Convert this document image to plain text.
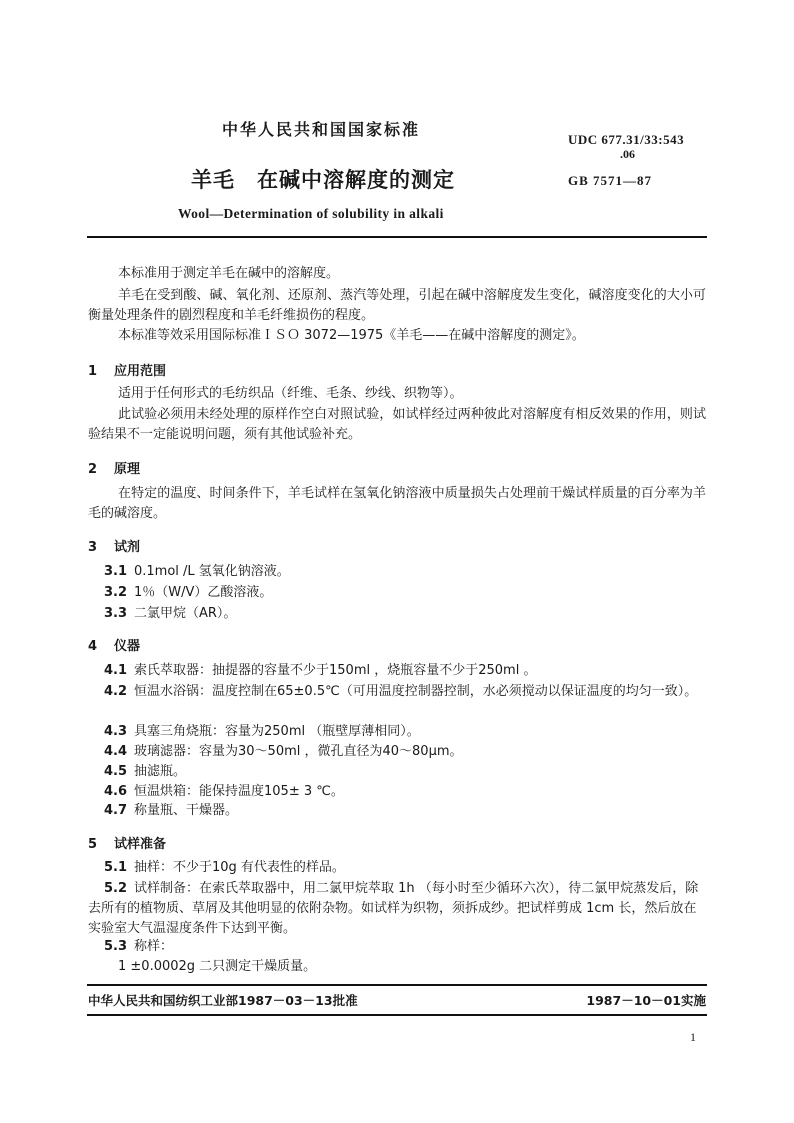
中华人民共和国国家标准
UDC 677.31/33:543
.06
羊毛　在碱中溶解度的测定	GB 7571—87
Wool—Determination of solubility in alkali
本标准用于测定羊毛在碱中的溶解度。
羊毛在受到酸、碱、氧化剂、还原剂、蒸汽等处理，引起在碱中溶解度发生变化，碱溶度变化的大小可衡量处理条件的剧烈程度和羊毛纤维损伤的程度。
本标准等效采用国际标准ＩＳＯ 3072—1975《羊毛——在碱中溶解度的测定》。
1 应用范围
适用于任何形式的毛纺织品（纤维、毛条、纱线、织物等）。
此试验必须用未经处理的原样作空白对照试验，如试样经过两种彼此对溶解度有相反效果的作用，则试验结果不一定能说明问题，须有其他试验补充。
2 原理
在特定的温度、时间条件下，羊毛试样在氢氧化钠溶液中质量损失占处理前干燥试样质量的百分率为羊毛的碱溶度。
3 试剂
3.1 0.1mol /L 氢氧化钠溶液。
3.2 1％（W/V）乙酸溶液。
3.3 二氯甲烷（AR）。
4 仪器
4.1 索氏萃取器：抽提器的容量不少于150ml ，烧瓶容量不少于250ml 。
4.2 恒温水浴锅：温度控制在65±0.5℃（可用温度控制器控制，水必须搅动以保证温度的均匀一致）。
4.3 具塞三角烧瓶：容量为250ml （瓶壁厚薄相同）。
4.4 玻璃滤器：容量为30～50ml ，微孔直径为40～80μm。
4.5 抽滤瓶。
4.6 恒温烘箱：能保持温度105± 3 ℃。
4.7 称量瓶、干燥器。
5 试样准备
5.1 抽样：不少于10g 有代表性的样品。
5.2 试样制备：在索氏萃取器中，用二氯甲烷萃取 1h （每小时至少循环六次），待二氯甲烷蒸发后，除去所有的植物质、草屑及其他明显的依附杂物。如试样为织物，须拆成纱。把试样剪成 1cm 长，然后放在实验室大气温湿度条件下达到平衡。
5.3 称样：
1 ±0.0002g 二只测定干燥质量。
中华人民共和国纺织工业部1987－03－13批准	1987－10－01实施
1
